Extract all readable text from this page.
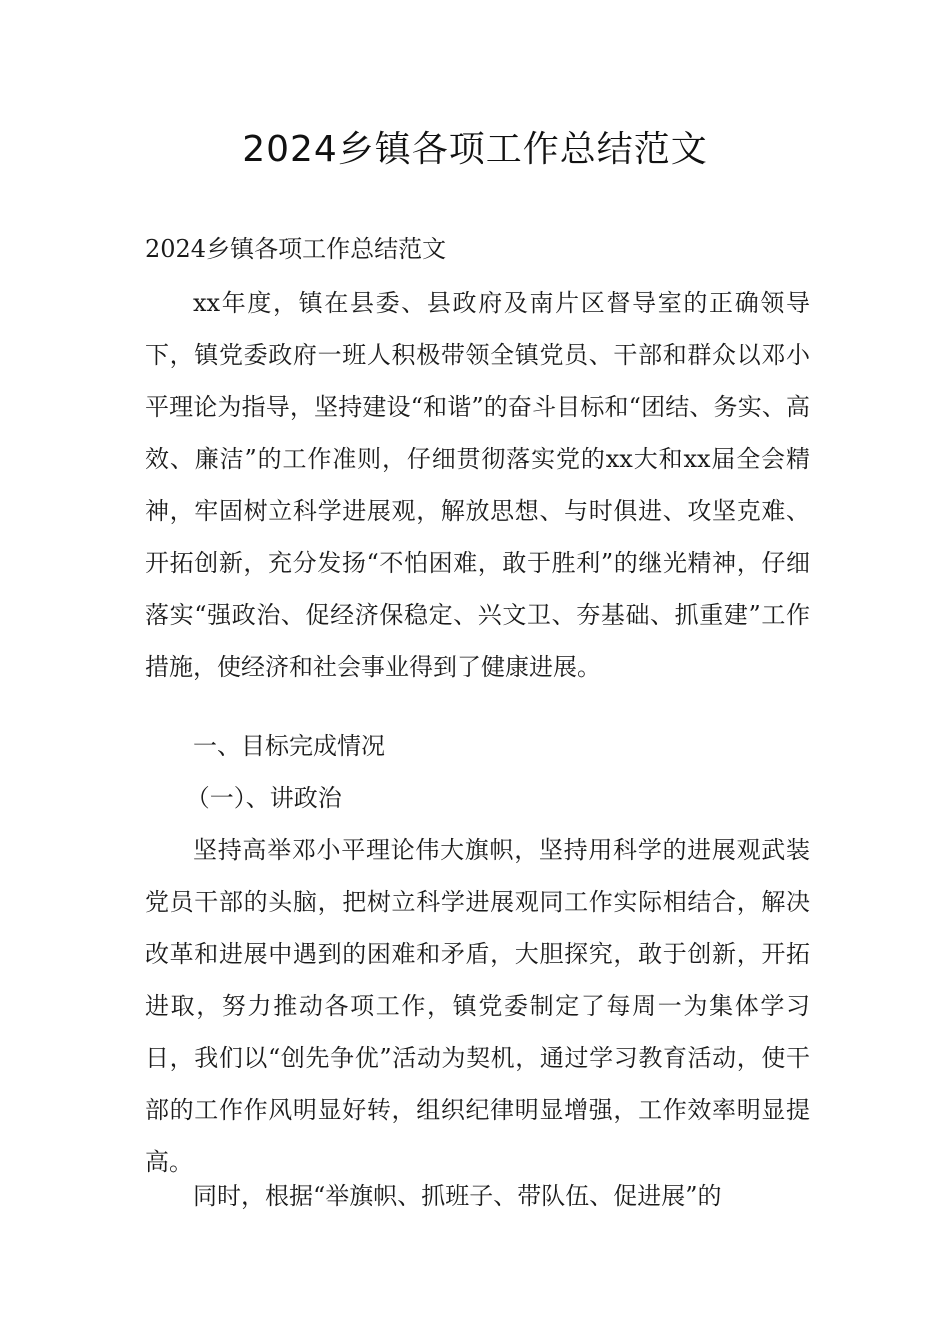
2024乡镇各项工作总结范文

2024乡镇各项工作总结范文

xx年度，镇在县委、县政府及南片区督导室的正确领导下，镇党委政府一班人积极带领全镇党员、干部和群众以邓小平理论为指导，坚持建设“和谐”的奋斗目标和“团结、务实、高效、廉洁”的工作准则，仔细贯彻落实党的xx大和xx届全会精神，牢固树立科学进展观，解放思想、与时俱进、攻坚克难、开拓创新，充分发扬“不怕困难，敢于胜利”的继光精神，仔细落实“强政治、促经济保稳定、兴文卫、夯基础、抓重建”工作措施，使经济和社会事业得到了健康进展。

一、目标完成情况

（一）、讲政治

坚持高举邓小平理论伟大旗帜，坚持用科学的进展观武装党员干部的头脑，把树立科学进展观同工作实际相结合，解决改革和进展中遇到的困难和矛盾，大胆探究，敢于创新，开拓进取，努力推动各项工作，镇党委制定了每周一为集体学习日，我们以“创先争优”活动为契机，通过学习教育活动，使干部的工作作风明显好转，组织纪律明显增强，工作效率明显提高。

同时，根据“举旗帜、抓班子、带队伍、促进展”的
